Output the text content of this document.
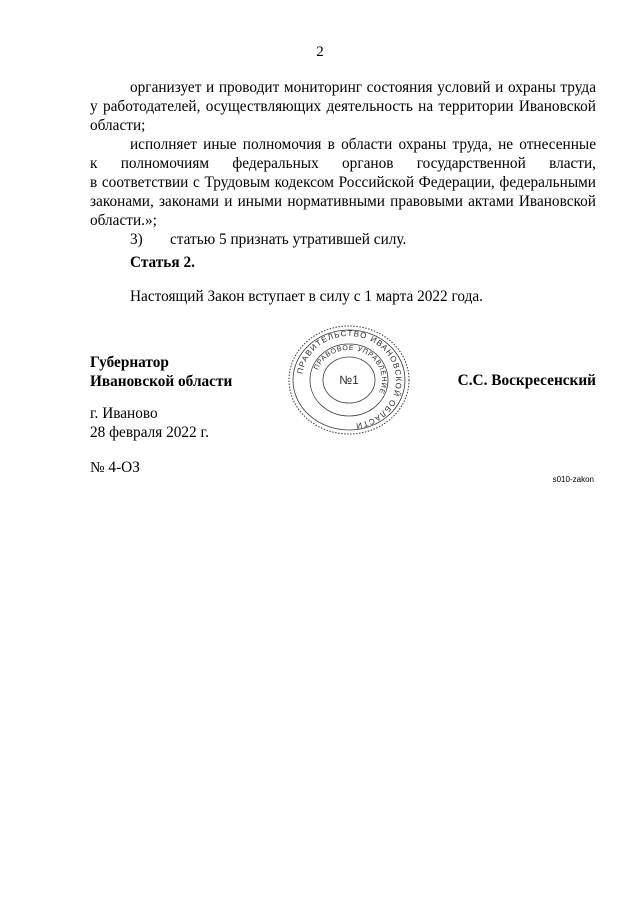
2

организует и проводит мониторинг состояния условий и охраны труда

у работодателей, осуществляющих деятельность на территории Ивановской области;

исполняет иные полномочия в области охраны труда, не отнесенные

к полномочиям федеральных органов государственной власти,

в соответствии с Трудовым кодексом Российской Федерации, федеральными законами, законами и иными нормативными правовыми актами Ивановской области.»;

3) статью 5 признать утратившей силу.

Статья 2.
Настоящий Закон вступает в силу с 1 марта 2022 года.
Губернатор
Ивановской области	С.С. Воскресенский
ПРАВИТЕЛЬСТВО ИВАНОВСКОЙ ОБЛАСТИ
ПРАВОВОЕ УПРАВЛЕНИЕ
№1
г. Иваново
28 февраля 2022 г.
№ 4-ОЗ
s010-zakon
